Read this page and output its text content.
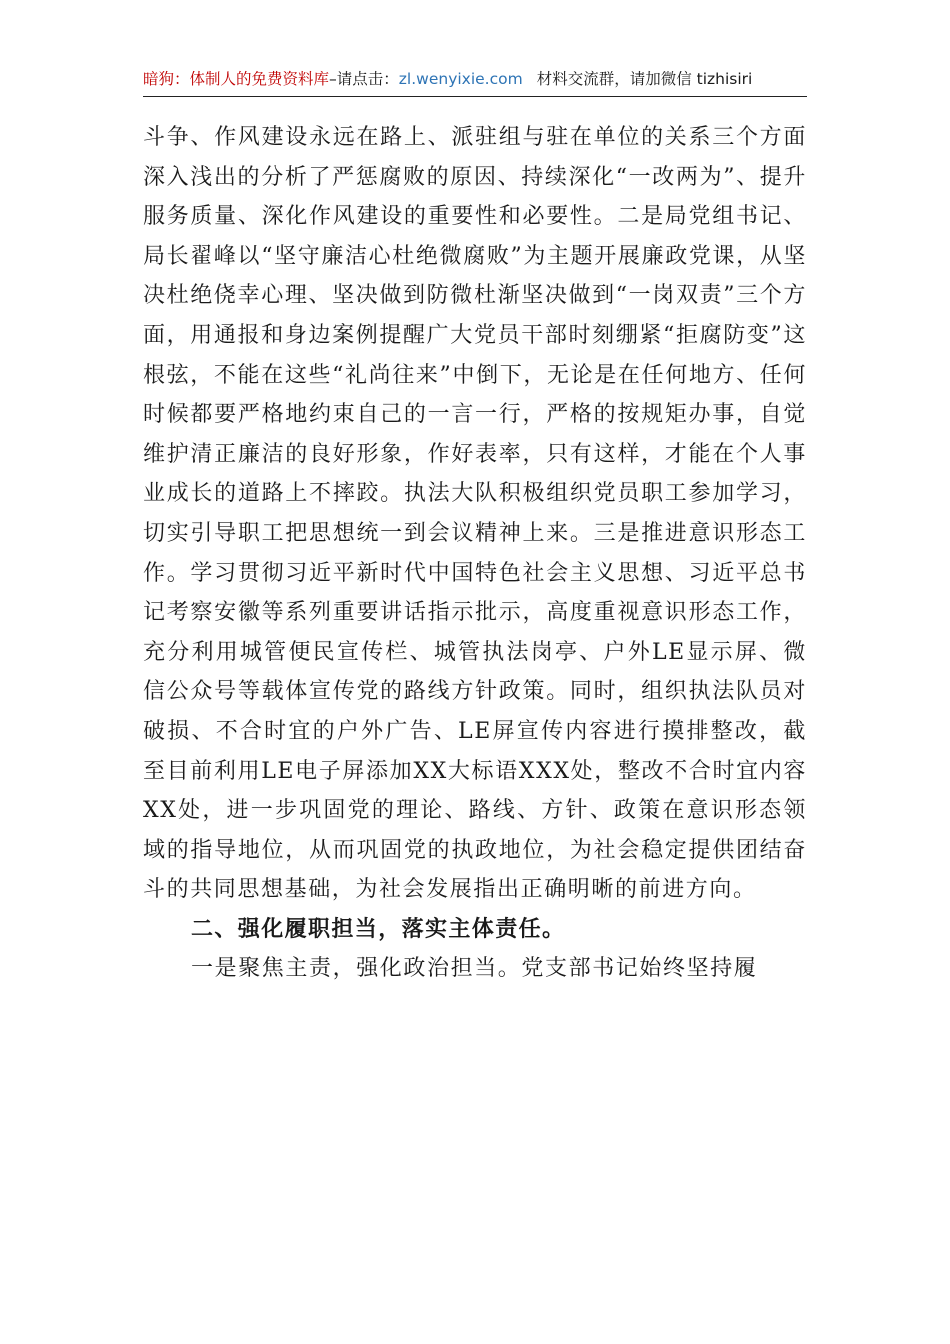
暗狗：体制人的免费资料库–请点击：zl.wenyixie.com 材料交流群，请加微信 tizhisiri

斗争、作风建设永远在路上、派驻组与驻在单位的关系三个方面深入浅出的分析了严惩腐败的原因、持续深化“一改两为”、提升服务质量、深化作风建设的重要性和必要性。二是局党组书记、局长翟峰以“坚守廉洁心杜绝微腐败”为主题开展廉政党课，从坚决杜绝侥幸心理、坚决做到防微杜渐坚决做到“一岗双责”三个方面，用通报和身边案例提醒广大党员干部时刻绷紧“拒腐防变”这根弦，不能在这些“礼尚往来”中倒下，无论是在任何地方、任何时候都要严格地约束自己的一言一行，严格的按规矩办事，自觉维护清正廉洁的良好形象，作好表率，只有这样，才能在个人事业成长的道路上不摔跤。执法大队积极组织党员职工参加学习，切实引导职工把思想统一到会议精神上来。三是推进意识形态工作。学习贯彻习近平新时代中国特色社会主义思想、习近平总书记考察安徽等系列重要讲话指示批示，高度重视意识形态工作，充分利用城管便民宣传栏、城管执法岗亭、户外LE显示屏、微信公众号等载体宣传党的路线方针政策。同时，组织执法队员对破损、不合时宜的户外广告、LE屏宣传内容进行摸排整改，截至目前利用LE电子屏添加XX大标语XXX处，整改不合时宜内容XX处，进一步巩固党的理论、路线、方针、政策在意识形态领域的指导地位，从而巩固党的执政地位，为社会稳定提供团结奋斗的共同思想基础，为社会发展指出正确明晰的前进方向。

二、强化履职担当，落实主体责任。

一是聚焦主责，强化政治担当。党支部书记始终坚持履
